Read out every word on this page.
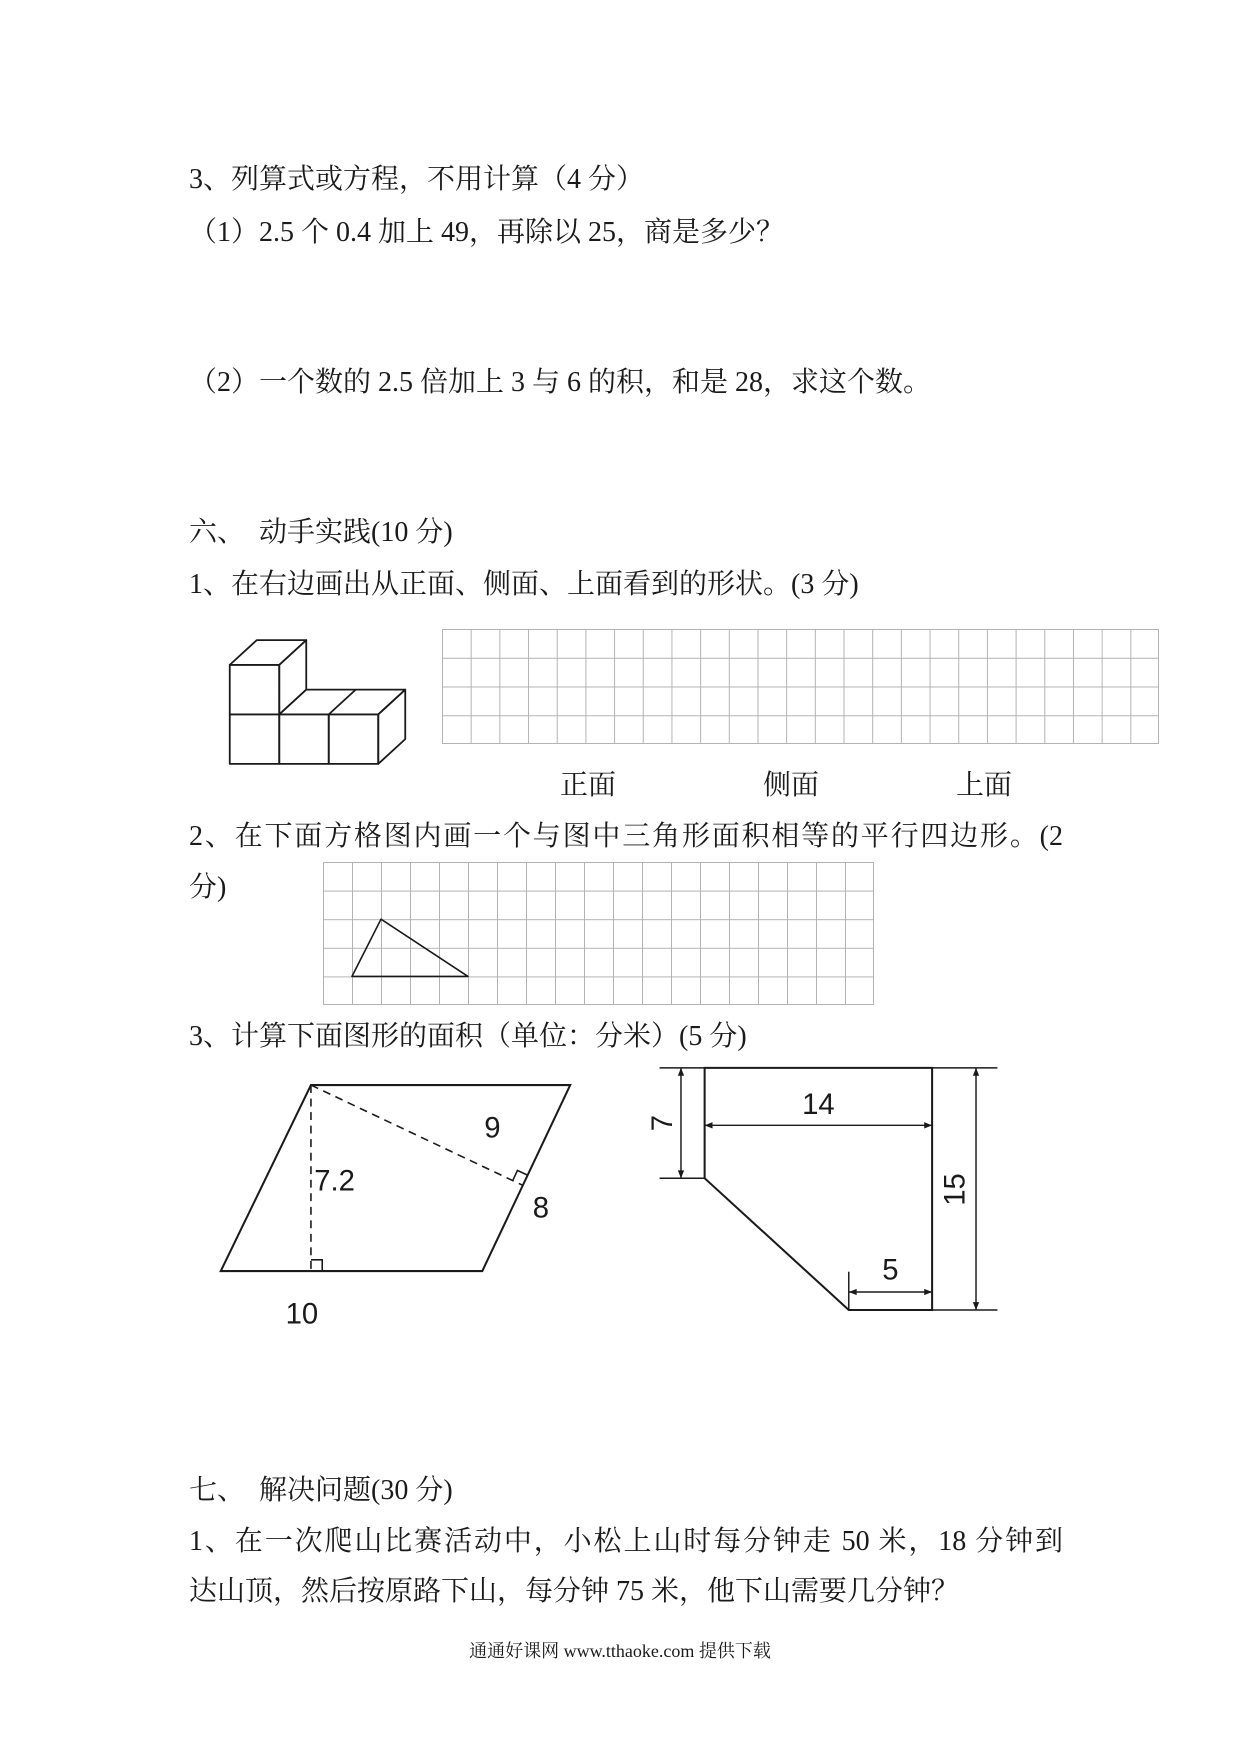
3、列算式或方程，不用计算（4 分）
（1）2.5 个 0.4 加上 49，再除以 25，商是多少？
（2）一个数的 2.5 倍加上 3 与 6 的积，和是 28，求这个数。
六、  动手实践(10 分)
1、在右边画出从正面、侧面、上面看到的形状。(3 分)
正面	侧面	上面
2、在下面方格图内画一个与图中三角形面积相等的平行四边形。(2
分)
3、计算下面图形的面积（单位：分米）(5 分)
9
7.2
8
10
7
14
15
5
七、  解决问题(30 分)
1、在一次爬山比赛活动中，小松上山时每分钟走 50 米，18 分钟到
达山顶，然后按原路下山，每分钟 75 米，他下山需要几分钟？
通通好课网 www.tthaoke.com 提供下载
